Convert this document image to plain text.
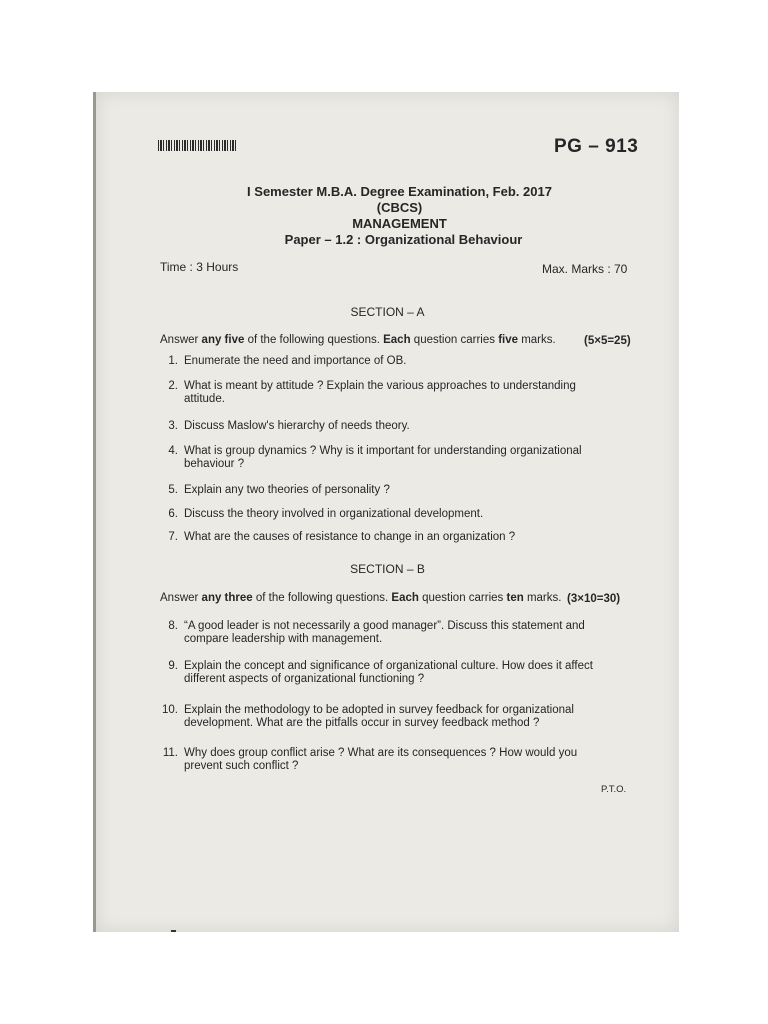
PG – 913
I Semester M.B.A. Degree Examination, Feb. 2017
(CBCS)
MANAGEMENT
Paper – 1.2 : Organizational Behaviour
Time : 3 Hours	Max. Marks : 70
SECTION – A
Answer any five of the following questions. Each question carries five marks.	(5×5=25)
1. Enumerate the need and importance of OB.
2. What is meant by attitude ? Explain the various approaches to understanding attitude.
3. Discuss Maslow's hierarchy of needs theory.
4. What is group dynamics ? Why is it important for understanding organizational behaviour ?
5. Explain any two theories of personality ?
6. Discuss the theory involved in organizational development.
7. What are the causes of resistance to change in an organization ?
SECTION – B
Answer any three of the following questions. Each question carries ten marks. (3×10=30)
8. “A good leader is not necessarily a good manager”. Discuss this statement and compare leadership with management.
9. Explain the concept and significance of organizational culture. How does it affect different aspects of organizational functioning ?
10. Explain the methodology to be adopted in survey feedback for organizational development. What are the pitfalls occur in survey feedback method ?
11. Why does group conflict arise ? What are its consequences ? How would you prevent such conflict ?
P.T.O.
